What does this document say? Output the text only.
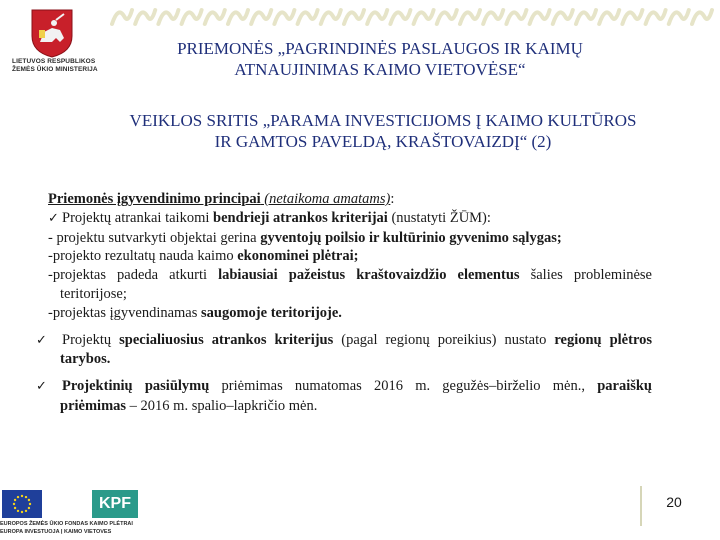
LIETUVOS RESPUBLIKOS
ŽEMĖS ŪKIO MINISTERIJA
PRIEMONĖS „PAGRINDINĖS PASLAUGOS IR KAIMŲ
ATNAUJINIMAS KAIMO VIETOVĖSE“
VEIKLOS SRITIS „PARAMA INVESTICIJOMS Į KAIMO KULTŪROS
IR GAMTOS PAVELDĄ, KRAŠTOVAIZDĮ“ (2)

Priemonės įgyvendinimo principai (netaikoma amatams):

✓ Projektų atrankai taikomi bendrieji atrankos kriterijai (nustatyti ŽŪM):

- projektu sutvarkyti objektai gerina gyventojų poilsio ir kultūrinio gyvenimo sąlygas;

-projekto rezultatų nauda kaimo ekonominei plėtrai;

-projektas padeda atkurti labiausiai pažeistus kraštovaizdžio elementus šalies probleminėse teritorijose;

-projektas įgyvendinamas saugomoje teritorijoje.

✓ Projektų specialiuosius atrankos kriterijus (pagal regionų poreikius) nustato regionų plėtros tarybos.

✓ Projektinių pasiūlymų priėmimas numatomas 2016 m. gegužės–birželio mėn., paraiškų priėmimas – 2016 m. spalio–lapkričio mėn.

KPF
EUROPOS ŽEMĖS ŪKIO FONDAS KAIMO PLĖTRAI
EUROPA INVESTUOJA Į KAIMO VIETOVES
20
